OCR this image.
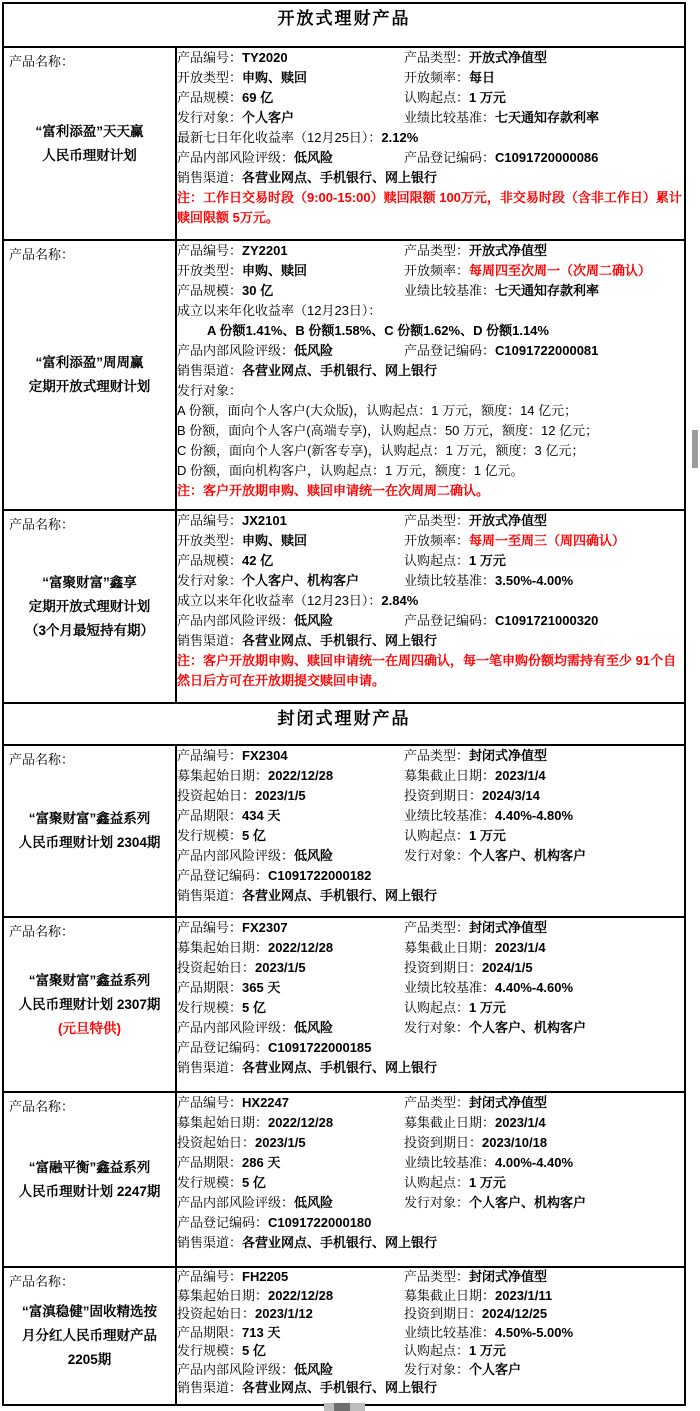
开放式理财产品	

产品名称：
“富利添盈”天天赢
人民币理财计划

产品编号：TY2020	产品类型：开放式净值型
开放类型：申购、赎回	开放频率：每日
产品规模：69 亿	认购起点：1 万元
发行对象：个人客户	业绩比较基准：七天通知存款利率
最新七日年化收益率（12月25日）：2.12%
产品内部风险评级：低风险	产品登记编码：C1091720000086
销售渠道：各营业网点、手机银行、网上银行
注：工作日交易时段（9:00-15:00）赎回限额 100万元，非交易时段（含非工作日）累计赎回限额 5万元。

产品名称：
“富利添盈”周周赢
定期开放式理财计划

产品编号：ZY2201	产品类型：开放式净值型
开放类型：申购、赎回	开放频率：每周四至次周一（次周二确认）
产品规模：30 亿	业绩比较基准：七天通知存款利率
成立以来年化收益率（12月23日）：
A 份额1.41%、B 份额1.58%、C 份额1.62%、D 份额1.14%
产品内部风险评级：低风险	产品登记编码：C1091722000081
销售渠道：各营业网点、手机银行、网上银行
发行对象：
A 份额，面向个人客户(大众版)，认购起点：1 万元，额度：14 亿元；
B 份额，面向个人客户(高端专享)，认购起点：50 万元，额度：12 亿元；
C 份额，面向个人客户(新客专享)，认购起点：1 万元，额度：3 亿元；
D 份额，面向机构客户，认购起点：1 万元，额度：1 亿元。
注：客户开放期申购、赎回申请统一在次周周二确认。

产品名称：
“富聚财富”鑫享
定期开放式理财计划
（3个月最短持有期）

产品编号：JX2101	产品类型：开放式净值型
开放类型：申购、赎回	开放频率：每周一至周三（周四确认）
产品规模：42 亿	认购起点：1 万元
发行对象：个人客户、机构客户	业绩比较基准：3.50%-4.00%
成立以来年化收益率（12月23日）：2.84%
产品内部风险评级：低风险	产品登记编码：C1091721000320
销售渠道：各营业网点、手机银行、网上银行
注：客户开放期申购、赎回申请统一在周四确认，每一笔申购份额均需持有至少 91个自然日后方可在开放期提交赎回申请。

封闭式理财产品	

产品名称：
“富聚财富”鑫益系列
人民币理财计划 2304期

产品编号：FX2304	产品类型：封闭式净值型
募集起始日期：2022/12/28	募集截止日期：2023/1/4
投资起始日：2023/1/5	投资到期日：2024/3/14
产品期限：434 天	业绩比较基准：4.40%-4.80%
发行规模：5 亿	认购起点：1 万元
产品内部风险评级：低风险	发行对象：个人客户、机构客户
产品登记编码：C1091722000182
销售渠道：各营业网点、手机银行、网上银行

产品名称：
“富聚财富”鑫益系列
人民币理财计划 2307期
(元旦特供)

产品编号：FX2307	产品类型：封闭式净值型
募集起始日期：2022/12/28	募集截止日期：2023/1/4
投资起始日：2023/1/5	投资到期日：2024/1/5
产品期限：365 天	业绩比较基准：4.40%-4.60%
发行规模：5 亿	认购起点：1 万元
产品内部风险评级：低风险	发行对象：个人客户、机构客户
产品登记编码：C1091722000185
销售渠道：各营业网点、手机银行、网上银行

产品名称：
“富融平衡”鑫益系列
人民币理财计划 2247期

产品编号：HX2247	产品类型：封闭式净值型
募集起始日期：2022/12/28	募集截止日期：2023/1/4
投资起始日：2023/1/5	投资到期日：2023/10/18
产品期限：286 天	业绩比较基准：4.00%-4.40%
发行规模：5 亿	认购起点：1 万元
产品内部风险评级：低风险	发行对象：个人客户、机构客户
产品登记编码：C1091722000180
销售渠道：各营业网点、手机银行、网上银行

产品名称：
“富滇稳健”固收精选按
月分红人民币理财产品
2205期

产品编号：FH2205	产品类型：封闭式净值型
募集起始日期：2022/12/28	募集截止日期：2023/1/11
投资起始日：2023/1/12	投资到期日：2024/12/25
产品期限：713 天	业绩比较基准：4.50%-5.00%
发行规模：5 亿	认购起点：1 万元
产品内部风险评级：低风险	发行对象：个人客户
销售渠道：各营业网点、手机银行、网上银行
